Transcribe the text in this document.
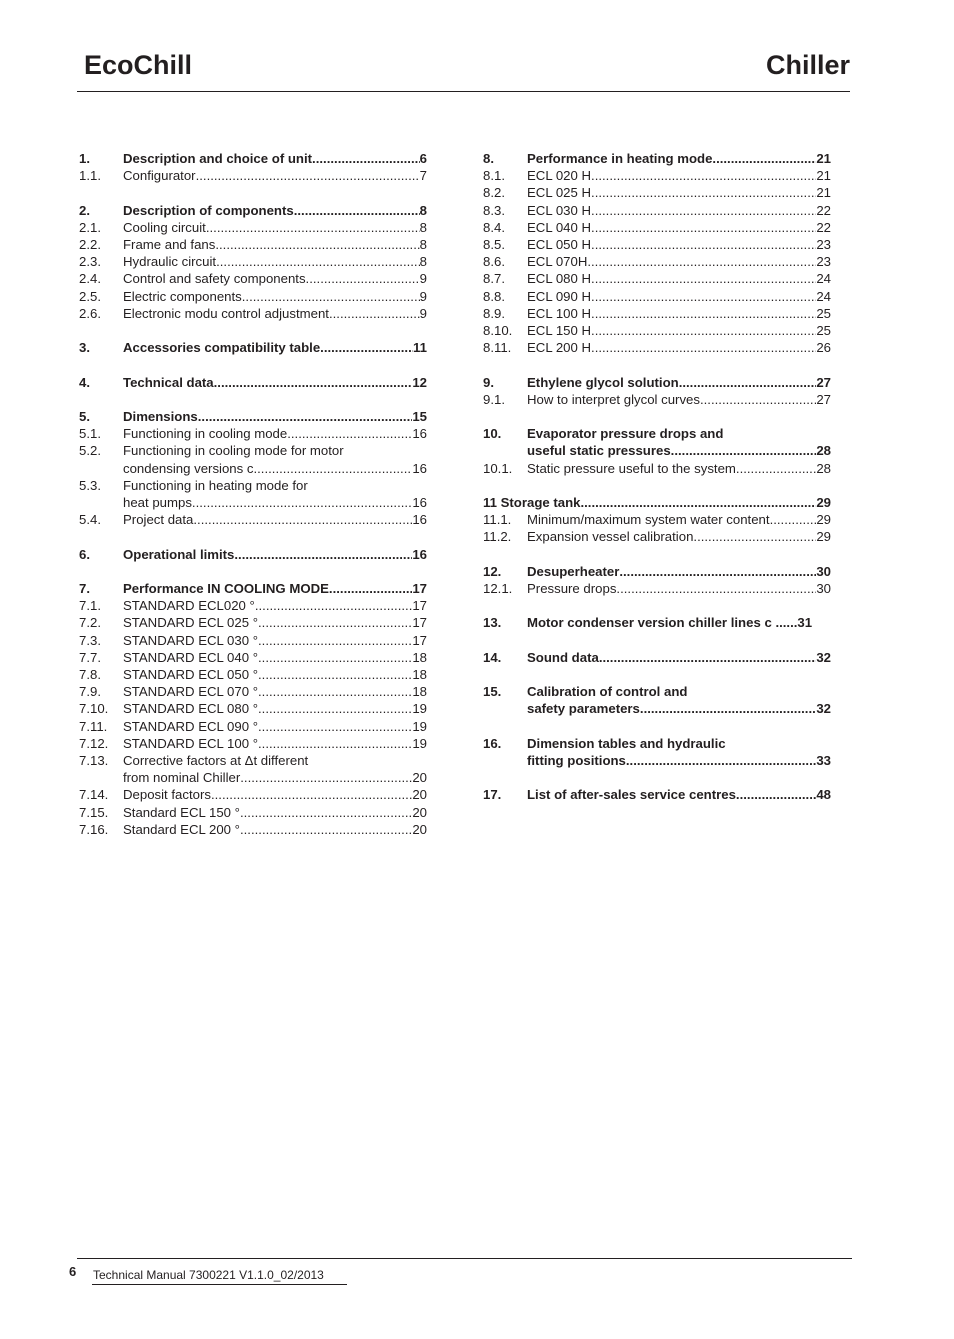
EcoChill	Chiller
1.	Description and choice of unit .....	6
1.1.	Configurator .....	7
2.	Description of components .....	8
2.1.	Cooling circuit .....	8
2.2.	Frame and fans .....	8
2.3.	Hydraulic circuit .....	8
2.4.	Control and safety components .....	9
2.5.	Electric components .....	9
2.6.	Electronic modu control adjustment .....	9
3.	Accessories compatibility table .....	11
4.	Technical data .....	12
5.	Dimensions .....	15
5.1.	Functioning in cooling mode .....	16
5.2.	Functioning in cooling mode for motor
condensing versions c .....	16
5.3.	Functioning in heating mode for
heat pumps .....	16
5.4.	Project data .....	16
6.	Operational limits .....	16
7.	Performance IN COOLING MODE .....	17
7.1.	STANDARD ECL020 ° .....	17
7.2.	STANDARD ECL 025 ° .....	17
7.3.	STANDARD ECL 030 ° .....	17
7.7.	STANDARD ECL 040 ° .....	18
7.8.	STANDARD ECL 050 ° .....	18
7.9.	STANDARD ECL 070 ° .....	18
7.10.	STANDARD ECL 080 ° .....	19
7.11.	STANDARD ECL 090 ° .....	19
7.12.	STANDARD ECL 100 ° .....	19
7.13.	Corrective factors at Δt different
from nominal Chiller .....	20
7.14.	Deposit factors .....	20
7.15.	Standard ECL 150 ° .....	20
7.16.	Standard ECL 200 ° .....	20
8.	Performance in heating mode .....	21
8.1.	ECL 020 H .....	21
8.2.	ECL 025 H .....	21
8.3.	ECL 030 H .....	22
8.4.	ECL 040 H .....	22
8.5.	ECL 050 H .....	23
8.6.	ECL 070H .....	23
8.7.	ECL 080 H .....	24
8.8.	ECL 090 H .....	24
8.9.	ECL 100 H .....	25
8.10.	ECL 150 H .....	25
8.11.	ECL 200 H .....	26
9.	Ethylene glycol solution .....	27
9.1.	How to interpret glycol curves .....	27
10.	Evaporator pressure drops and
useful static pressures .....	28
10.1.	Static pressure useful to the system .....	28
11 Storage tank .....	29
11.1.	Minimum/maximum system water content .....	29
11.2.	Expansion vessel calibration .....	29
12.	Desuperheater .....	30
12.1.	Pressure drops .....	30
13.	Motor condenser version chiller lines c ......31
14.	Sound data .....	32
15.	Calibration of control and
safety parameters .....	32
16.	Dimension tables and hydraulic
fitting positions .....	33
17.	List of after-sales service centres .....	48
6 Technical Manual 7300221 V1.1.0_02/2013
